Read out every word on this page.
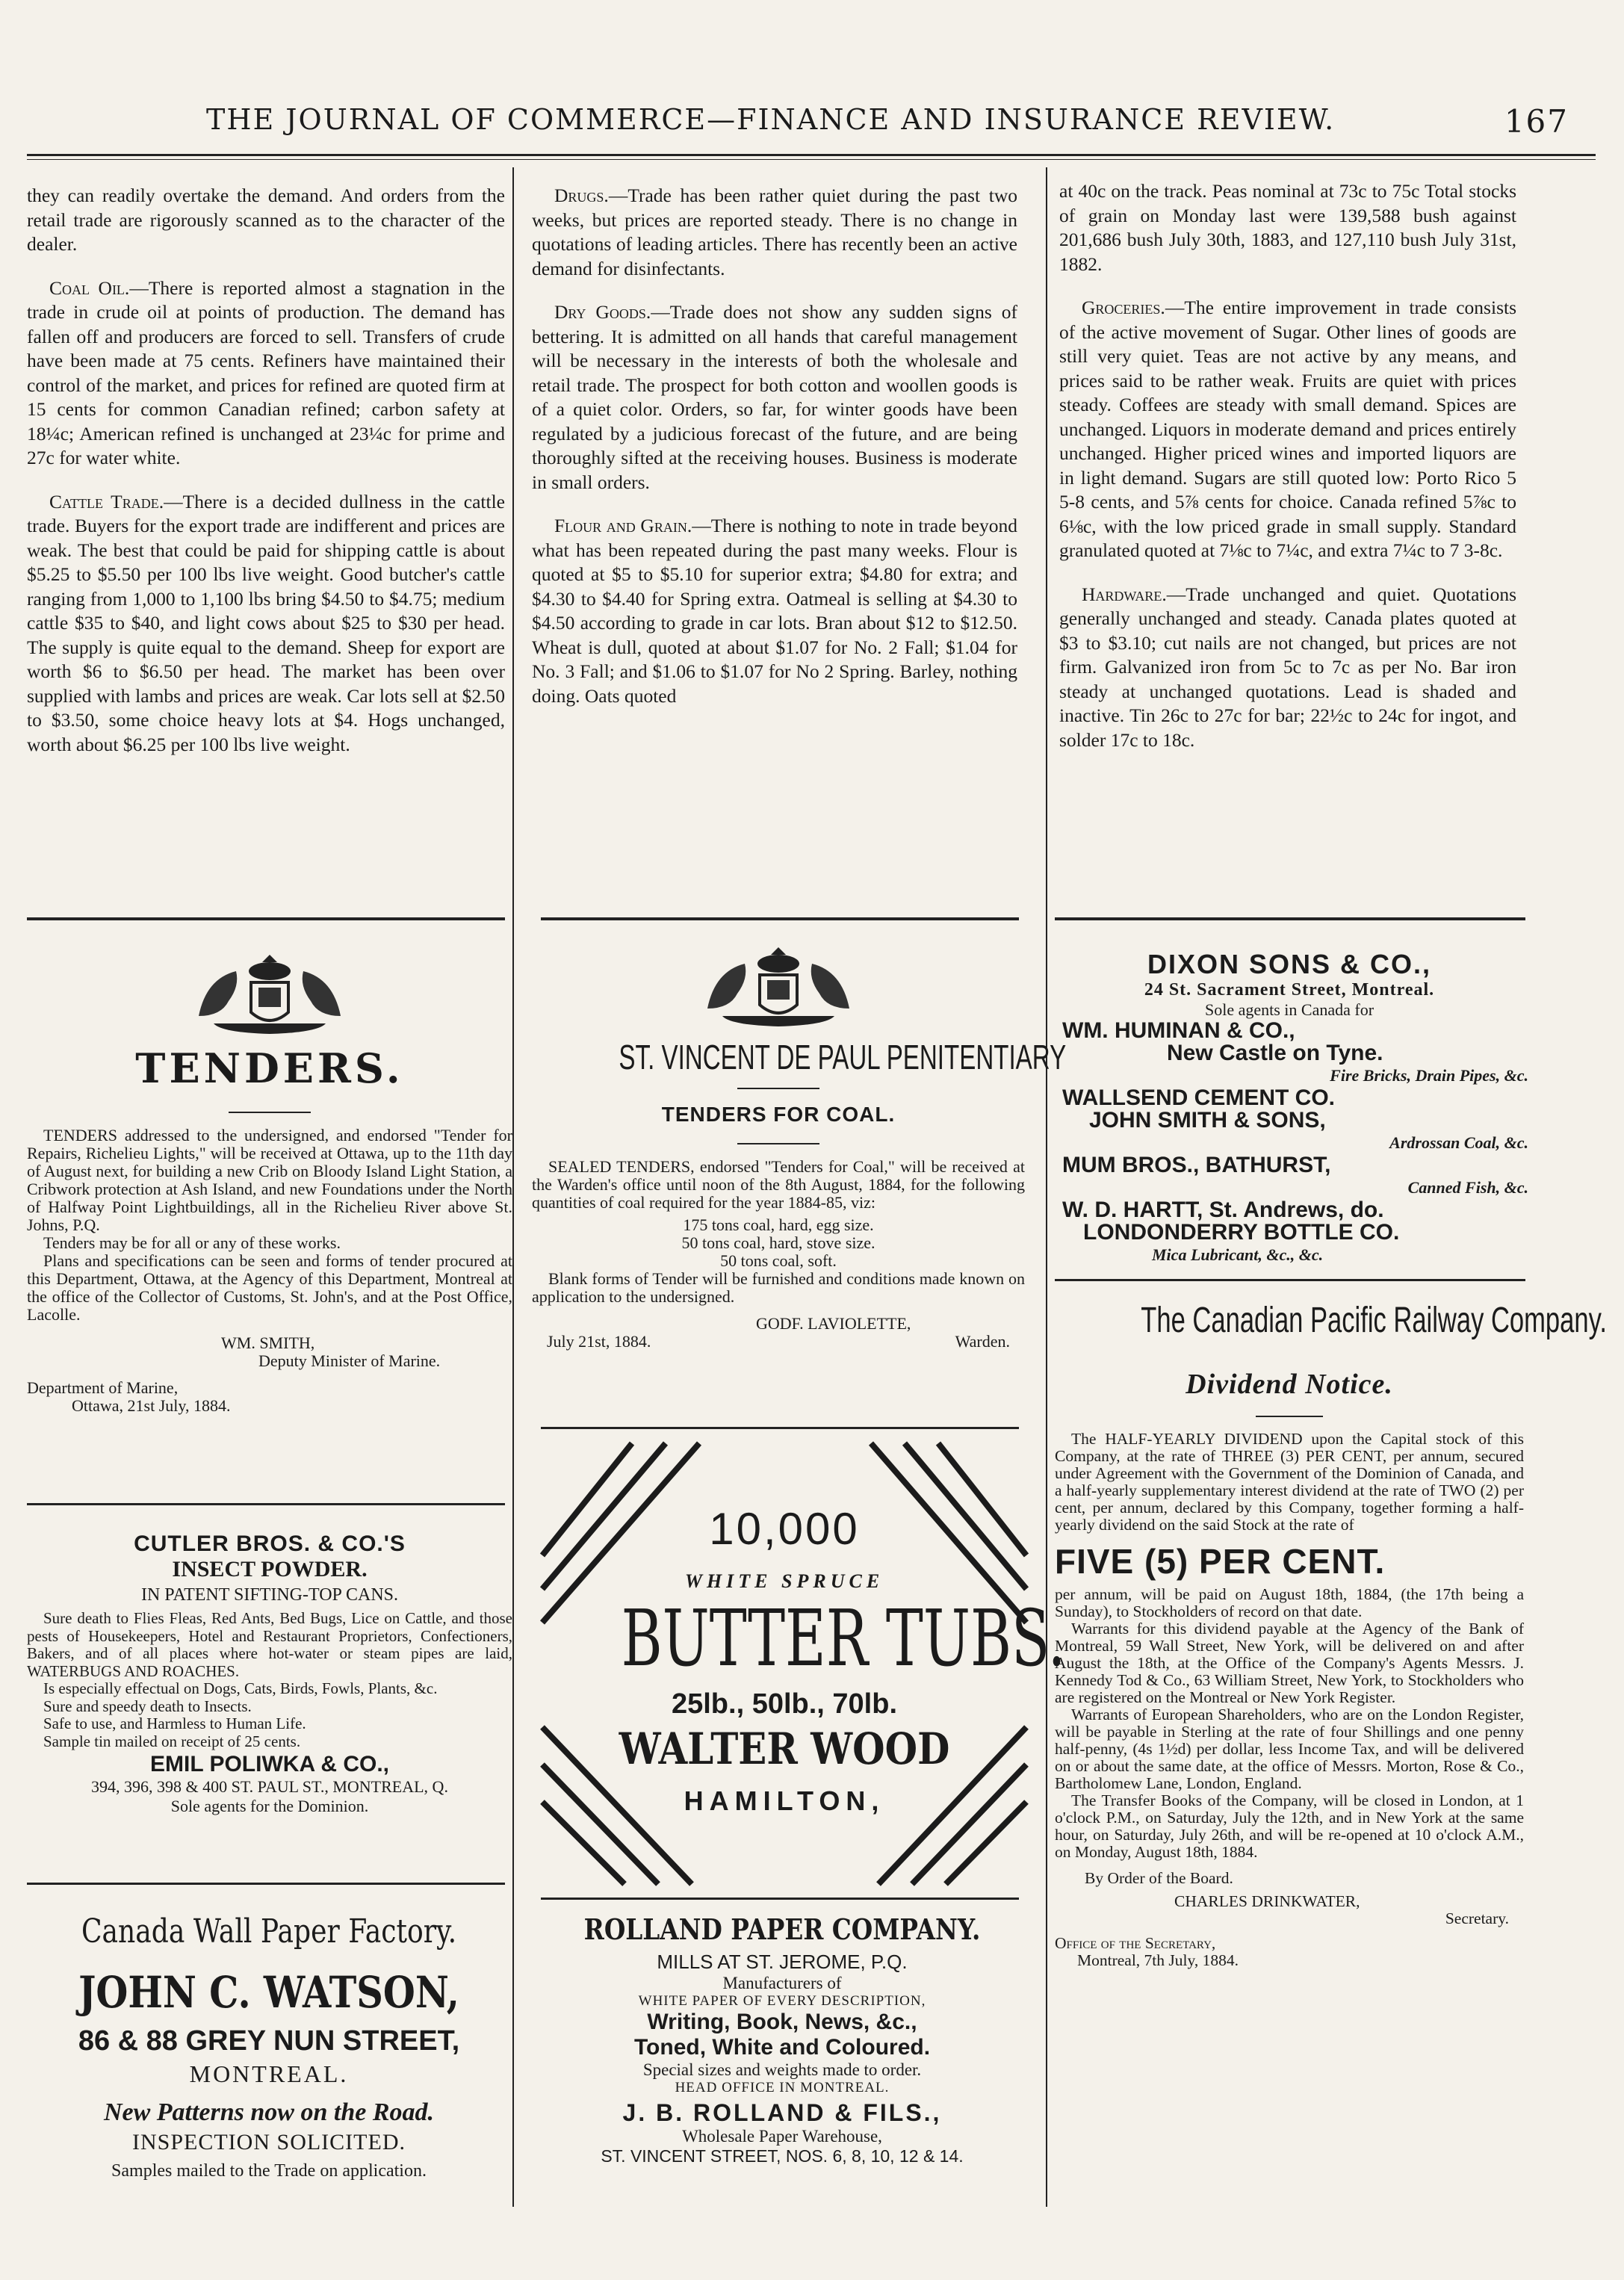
THE JOURNAL OF COMMERCE—FINANCE AND INSURANCE REVIEW.	167

they can readily overtake the demand. And orders from the retail trade are rigorously scanned as to the character of the dealer.

Coal Oil.—There is reported almost a stagnation in the trade in crude oil at points of production. The demand has fallen off and producers are forced to sell. Transfers of crude have been made at 75 cents. Refiners have maintained their control of the market, and prices for refined are quoted firm at 15 cents for common Canadian refined; carbon safety at 18¼c; American refined is unchanged at 23¼c for prime and 27c for water white.

Cattle Trade.—There is a decided dullness in the cattle trade. Buyers for the export trade are indifferent and prices are weak. The best that could be paid for shipping cattle is about $5.25 to $5.50 per 100 lbs live weight. Good butcher's cattle ranging from 1,000 to 1,100 lbs bring $4.50 to $4.75; medium cattle $35 to $40, and light cows about $25 to $30 per head. The supply is quite equal to the demand. Sheep for export are worth $6 to $6.50 per head. The market has been over supplied with lambs and prices are weak. Car lots sell at $2.50 to $3.50, some choice heavy lots at $4. Hogs unchanged, worth about $6.25 per 100 lbs live weight.

Drugs.—Trade has been rather quiet during the past two weeks, but prices are reported steady. There is no change in quotations of leading articles. There has recently been an active demand for disinfectants.

Dry Goods.—Trade does not show any sudden signs of bettering. It is admitted on all hands that careful management will be necessary in the interests of both the wholesale and retail trade. The prospect for both cotton and woollen goods is of a quiet color. Orders, so far, for winter goods have been regulated by a judicious forecast of the future, and are being thoroughly sifted at the receiving houses. Business is moderate in small orders.

Flour and Grain.—There is nothing to note in trade beyond what has been repeated during the past many weeks. Flour is quoted at $5 to $5.10 for superior extra; $4.80 for extra; and $4.30 to $4.40 for Spring extra. Oatmeal is selling at $4.30 to $4.50 according to grade in car lots. Bran about $12 to $12.50. Wheat is dull, quoted at about $1.07 for No. 2 Fall; $1.04 for No. 3 Fall; and $1.06 to $1.07 for No 2 Spring. Barley, nothing doing. Oats quoted

at 40c on the track. Peas nominal at 73c to 75c Total stocks of grain on Monday last were 139,588 bush against 201,686 bush July 30th, 1883, and 127,110 bush July 31st, 1882.

Groceries.—The entire improvement in trade consists of the active movement of Sugar. Other lines of goods are still very quiet. Teas are not active by any means, and prices said to be rather weak. Fruits are quiet with prices steady. Coffees are steady with small demand. Spices are unchanged. Liquors in moderate demand and prices entirely unchanged. Higher priced wines and imported liquors are in light demand. Sugars are still quoted low: Porto Rico 5 5-8 cents, and 5⅞ cents for choice. Canada refined 5⅞c to 6⅛c, with the low priced grade in small supply. Standard granulated quoted at 7⅛c to 7¼c, and extra 7¼c to 7 3-8c.

Hardware.—Trade unchanged and quiet. Quotations generally unchanged and steady. Canada plates quoted at $3 to $3.10; cut nails are not changed, but prices are not firm. Galvanized iron from 5c to 7c as per No. Bar iron steady at unchanged quotations. Lead is shaded and inactive. Tin 26c to 27c for bar; 22½c to 24c for ingot, and solder 17c to 18c.

TENDERS.

TENDERS addressed to the undersigned, and endorsed "Tender for Repairs, Richelieu Lights," will be received at Ottawa, up to the 11th day of August next, for building a new Crib on Bloody Island Light Station, a Cribwork protection at Ash Island, and new Foundations under the North of Halfway Point Lightbuildings, all in the Richelieu River above St. Johns, P.Q.

Tenders may be for all or any of these works.

Plans and specifications can be seen and forms of tender procured at this Department, Ottawa, at the Agency of this Department, Montreal at the office of the Collector of Customs, St. John's, and at the Post Office, Lacolle.

WM. SMITH,
Deputy Minister of Marine.
Department of Marine,
Ottawa, 21st July, 1884.
CUTLER BROS. & CO.'S
INSECT POWDER.
IN PATENT SIFTING-TOP CANS.

Sure death to Flies Fleas, Red Ants, Bed Bugs, Lice on Cattle, and those pests of Housekeepers, Hotel and Restaurant Proprietors, Confectioners, Bakers, and of all places where hot-water or steam pipes are laid, WATERBUGS AND ROACHES.

Is especially effectual on Dogs, Cats, Birds, Fowls, Plants, &c.

Sure and speedy death to Insects.

Safe to use, and Harmless to Human Life.

Sample tin mailed on receipt of 25 cents.

EMIL POLIWKA & CO.,
394, 396, 398 & 400 ST. PAUL ST., MONTREAL, Q.
Sole agents for the Dominion.
Canada Wall Paper Factory.
JOHN C. WATSON,
86 & 88 GREY NUN STREET,
MONTREAL.
New Patterns now on the Road.
INSPECTION SOLICITED.
Samples mailed to the Trade on application.
ST. VINCENT DE PAUL PENITENTIARY
TENDERS FOR COAL.

SEALED TENDERS, endorsed "Tenders for Coal," will be received at the Warden's office until noon of the 8th August, 1884, for the following quantities of coal required for the year 1884-85, viz:

175 tons coal, hard, egg size.
50 tons coal, hard, stove size.
50 tons coal, soft.

Blank forms of Tender will be furnished and conditions made known on application to the undersigned.

GODF. LAVIOLETTE,
July 21st, 1884.	Warden.
10,000
WHITE SPRUCE
BUTTER TUBS.
25lb., 50lb., 70lb.
WALTER WOOD
HAMILTON,
ROLLAND PAPER COMPANY.
MILLS AT ST. JEROME, P.Q.
Manufacturers of
WHITE PAPER OF EVERY DESCRIPTION,
Writing, Book, News, &c.,
Toned, White and Coloured.
Special sizes and weights made to order.
HEAD OFFICE IN MONTREAL.
J. B. ROLLAND & FILS.,
Wholesale Paper Warehouse,
ST. VINCENT STREET, NOS. 6, 8, 10, 12 & 14.
DIXON SONS & CO.,
24 St. Sacrament Street, Montreal.
Sole agents in Canada for
WM. HUMINAN & CO.,
New Castle on Tyne.
Fire Bricks, Drain Pipes, &c.
WALLSEND CEMENT CO.
JOHN SMITH & SONS,
Ardrossan Coal, &c.
MUM BROS., BATHURST,
Canned Fish, &c.
W. D. HARTT, St. Andrews, do.
LONDONDERRY BOTTLE CO.
Mica Lubricant, &c., &c.
The Canadian Pacific Railway Company.
Dividend Notice.

The HALF-YEARLY DIVIDEND upon the Capital stock of this Company, at the rate of THREE (3) PER CENT, per annum, secured under Agreement with the Government of the Dominion of Canada, and a half-yearly supplementary interest dividend at the rate of TWO (2) per cent, per annum, declared by this Company, together forming a half-yearly dividend on the said Stock at the rate of

FIVE (5) PER CENT.

per annum, will be paid on August 18th, 1884, (the 17th being a Sunday), to Stockholders of record on that date.

Warrants for this dividend payable at the Agency of the Bank of Montreal, 59 Wall Street, New York, will be delivered on and after August the 18th, at the Office of the Company's Agents Messrs. J. Kennedy Tod & Co., 63 William Street, New York, to Stockholders who are registered on the Montreal or New York Register.

Warrants of European Shareholders, who are on the London Register, will be payable in Sterling at the rate of four Shillings and one penny half-penny, (4s 1½d) per dollar, less Income Tax, and will be delivered on or about the same date, at the office of Messrs. Morton, Rose & Co., Bartholomew Lane, London, England.

The Transfer Books of the Company, will be closed in London, at 1 o'clock P.M., on Saturday, July the 12th, and in New York at the same hour, on Saturday, July 26th, and will be re-opened at 10 o'clock A.M., on Monday, August 18th, 1884.

By Order of the Board.
CHARLES DRINKWATER,
Secretary.
Office of the Secretary,
Montreal, 7th July, 1884.
